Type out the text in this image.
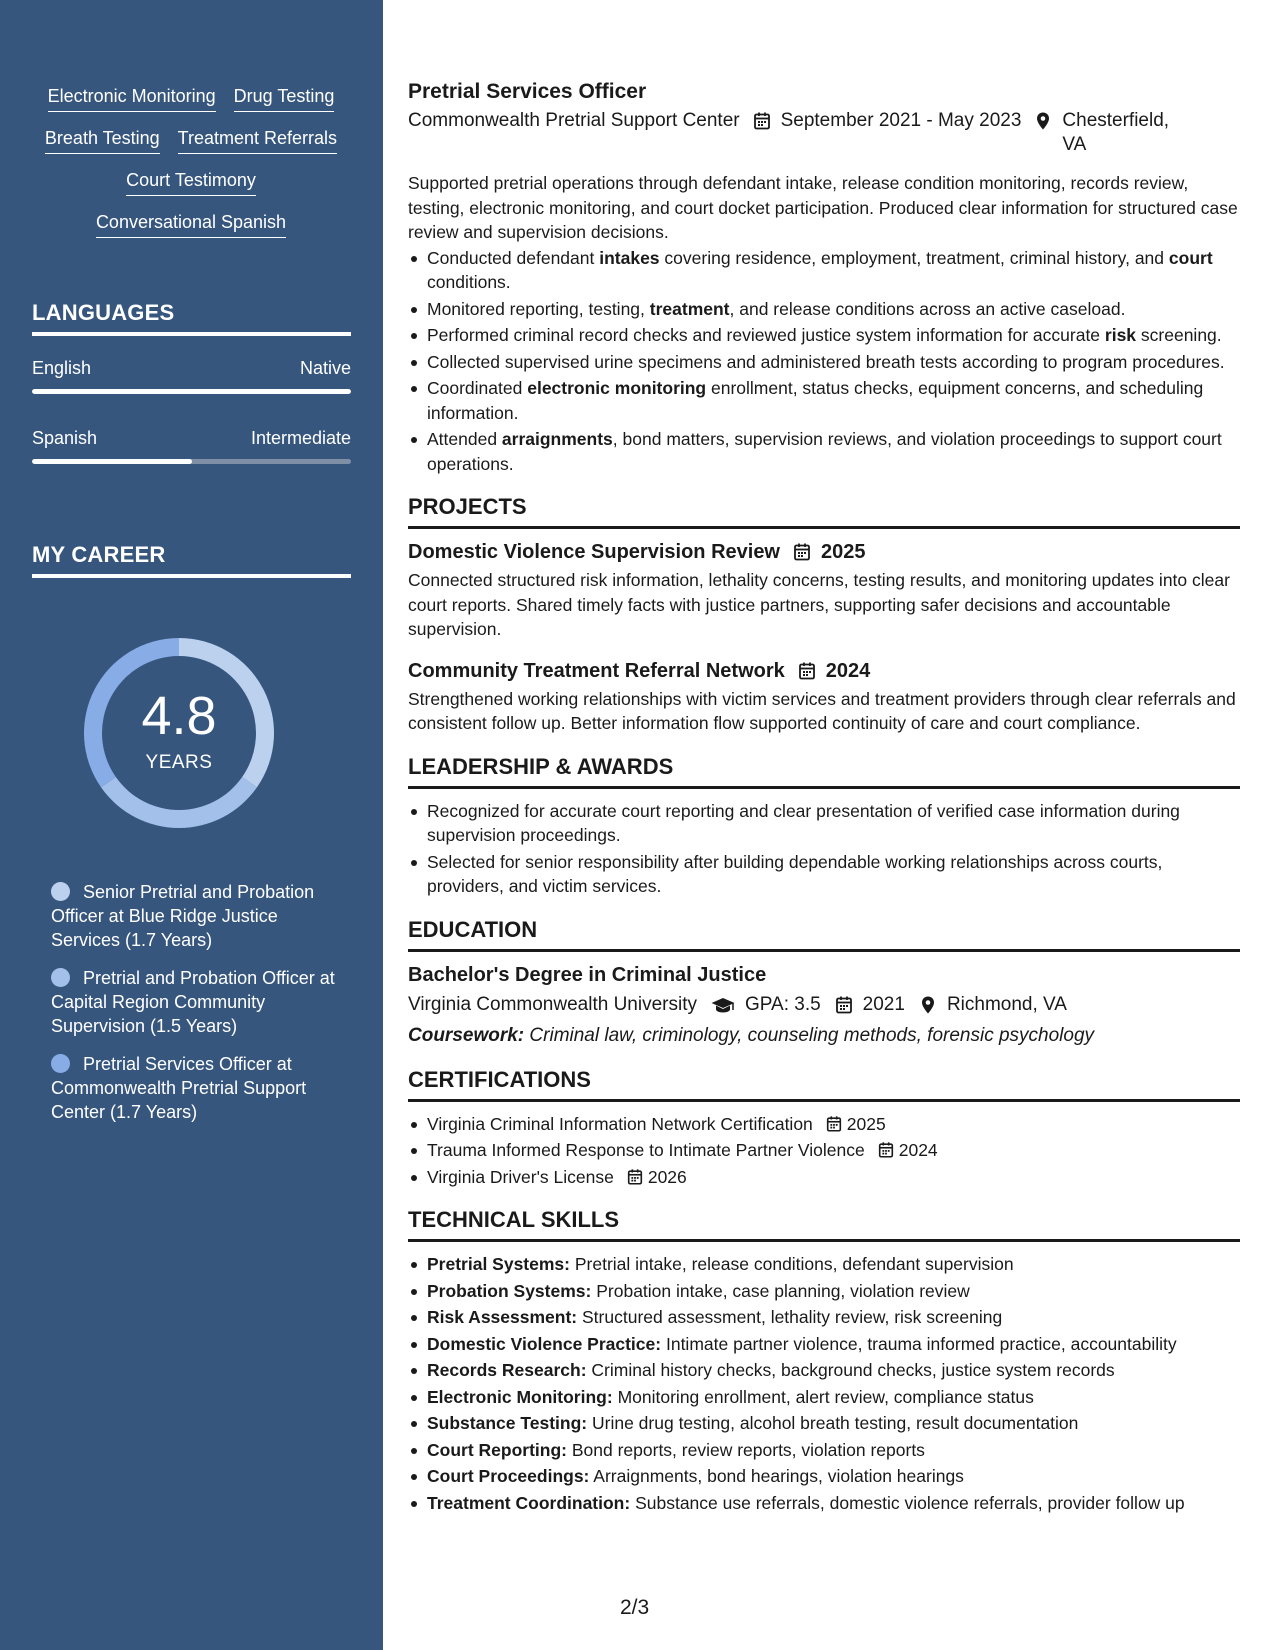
Electronic Monitoring Drug Testing
Breath Testing Treatment Referrals
Court Testimony
Conversational Spanish
LANGUAGES
English	Native
Spanish	Intermediate
MY CAREER
4.8
YEARS
Senior Pretrial and Probation Officer at Blue Ridge Justice Services (1.7 Years)
Pretrial and Probation Officer at Capital Region Community Supervision (1.5 Years)
Pretrial Services Officer at Commonwealth Pretrial Support Center (1.7 Years)
Pretrial Services Officer
Commonwealth Pretrial Support Center September 2021 - May 2023 Chesterfield, VA

Supported pretrial operations through defendant intake, release condition monitoring, records review, testing, electronic monitoring, and court docket participation. Produced clear information for structured case review and supervision decisions.

Conducted defendant intakes covering residence, employment, treatment, criminal history, and court conditions.
Monitored reporting, testing, treatment, and release conditions across an active caseload.
Performed criminal record checks and reviewed justice system information for accurate risk screening.
Collected supervised urine specimens and administered breath tests according to program procedures.
Coordinated electronic monitoring enrollment, status checks, equipment concerns, and scheduling information.
Attended arraignments, bond matters, supervision reviews, and violation proceedings to support court operations.
PROJECTS
Domestic Violence Supervision Review 2025

Connected structured risk information, lethality concerns, testing results, and monitoring updates into clear court reports. Shared timely facts with justice partners, supporting safer decisions and accountable supervision.

Community Treatment Referral Network 2024

Strengthened working relationships with victim services and treatment providers through clear referrals and consistent follow up. Better information flow supported continuity of care and court compliance.

LEADERSHIP & AWARDS
Recognized for accurate court reporting and clear presentation of verified case information during supervision proceedings.
Selected for senior responsibility after building dependable working relationships across courts, providers, and victim services.
EDUCATION
Bachelor's Degree in Criminal Justice
Virginia Commonwealth University	GPA: 3.5 2021 Richmond, VA
Coursework: Criminal law, criminology, counseling methods, forensic psychology
CERTIFICATIONS
Virginia Criminal Information Network Certification 2025
Trauma Informed Response to Intimate Partner Violence 2024
Virginia Driver's License 2026
TECHNICAL SKILLS
Pretrial Systems: Pretrial intake, release conditions, defendant supervision
Probation Systems: Probation intake, case planning, violation review
Risk Assessment: Structured assessment, lethality review, risk screening
Domestic Violence Practice: Intimate partner violence, trauma informed practice, accountability
Records Research: Criminal history checks, background checks, justice system records
Electronic Monitoring: Monitoring enrollment, alert review, compliance status
Substance Testing: Urine drug testing, alcohol breath testing, result documentation
Court Reporting: Bond reports, review reports, violation reports
Court Proceedings: Arraignments, bond hearings, violation hearings
Treatment Coordination: Substance use referrals, domestic violence referrals, provider follow up
2/3
